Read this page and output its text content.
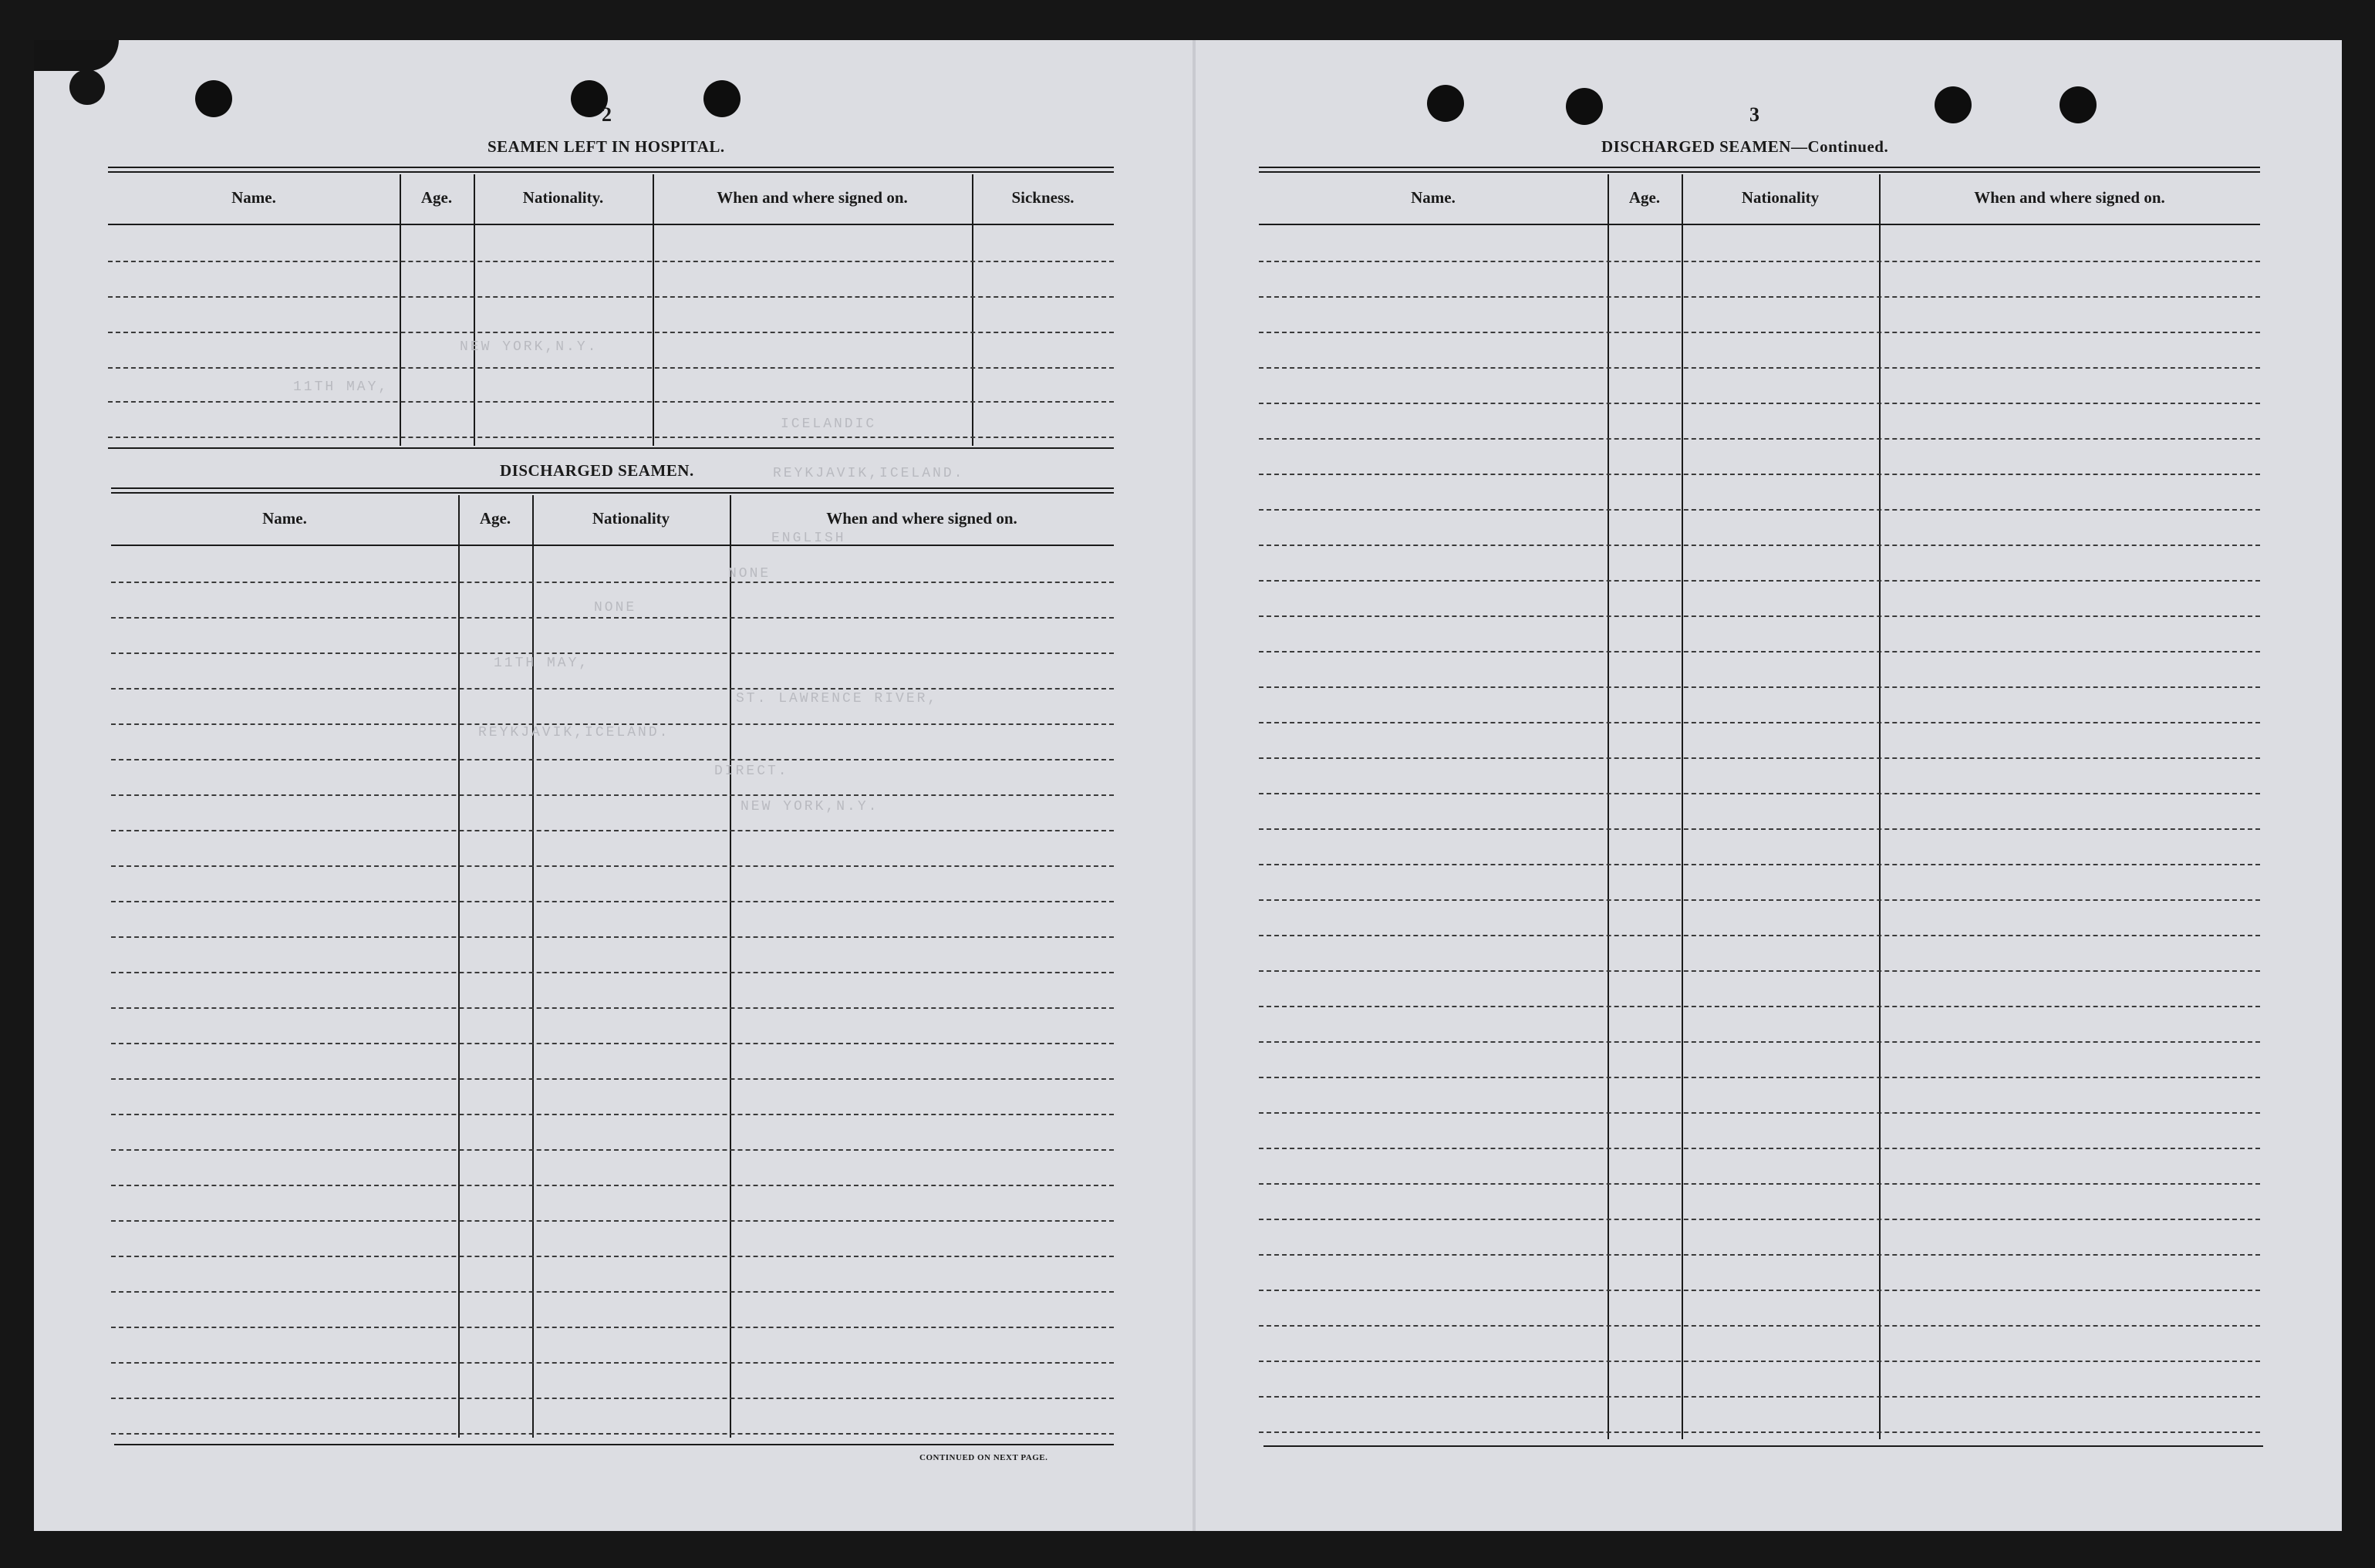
2
SEAMEN LEFT IN HOSPITAL.
Name.	Age.	Nationality.	When and where signed on.	Sickness.
DISCHARGED SEAMEN.
Name.	Age.	Nationality	When and where signed on.
CONTINUED ON NEXT PAGE.
NEW YORK,N.Y.
11TH MAY,
ICELANDIC
REYKJAVIK,ICELAND.
ENGLISH
NONE
NONE
11TH MAY,
ST. LAWRENCE RIVER,
REYKJAVIK,ICELAND.
DIRECT.
NEW YORK,N.Y.
3
DISCHARGED SEAMEN—Continued.
Name.	Age.	Nationality	When and where signed on.
